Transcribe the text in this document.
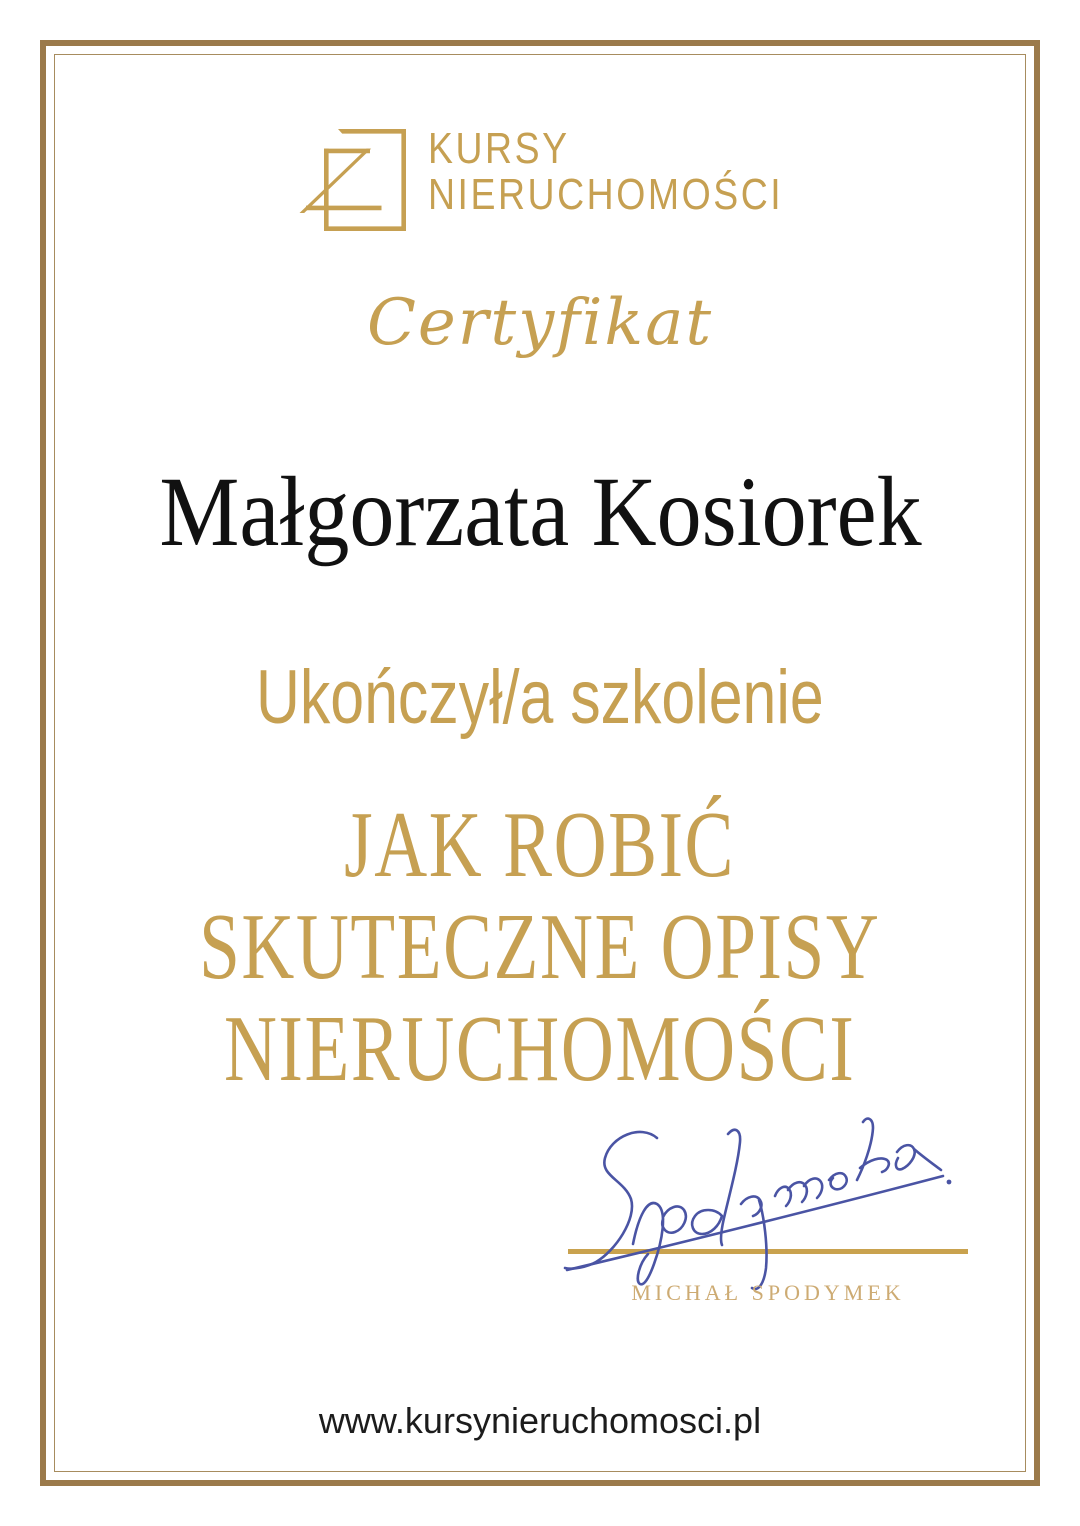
KURSY
NIERUCHOMOŚCI
Certyfikat
Małgorzata Kosiorek
Ukończył/a szkolenie
JAK ROBIĆ
SKUTECZNE OPISY
NIERUCHOMOŚCI
MICHAŁ SPODYMEK
www.kursynieruchomosci.pl
